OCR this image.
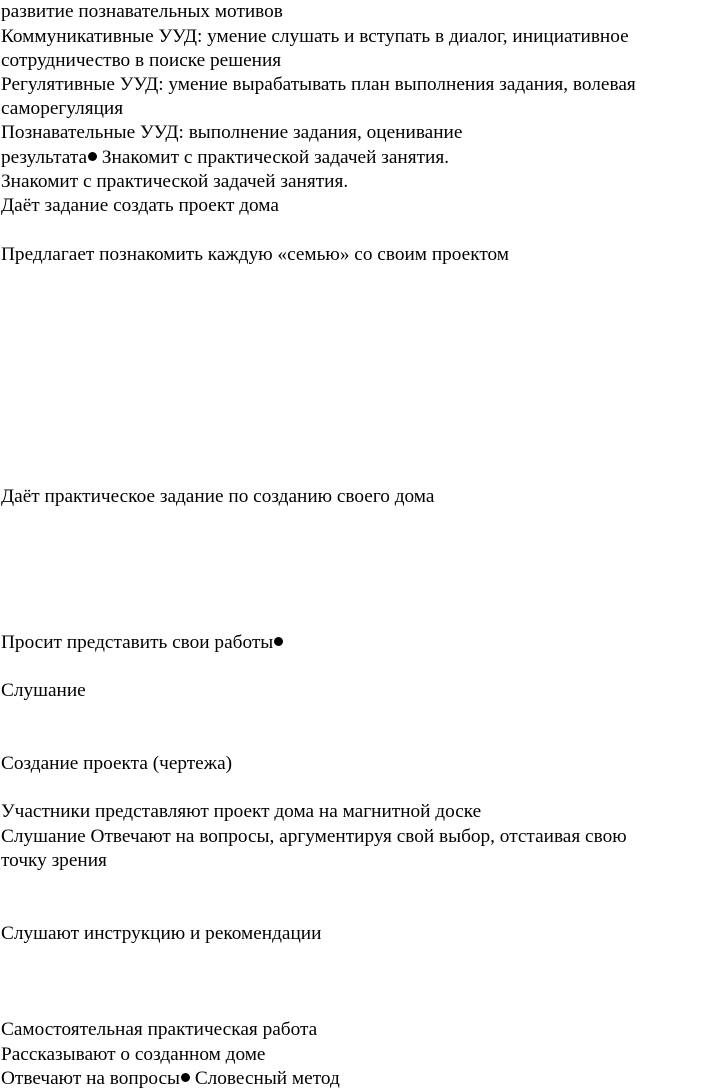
развитие познавательных мотивов
Коммуникативные УУД: умение слушать и вступать в диалог, инициативное
сотрудничество в поиске решения
Регулятивные УУД: умение вырабатывать план выполнения задания, волевая
саморегуляция
Познавательные УУД: выполнение задания, оценивание
результата Знакомит с практической задачей занятия.
Знакомит с практической задачей занятия.
Даёт задание создать проект дома
Предлагает познакомить каждую «семью» со своим проектом
Даёт практическое задание по созданию своего дома
Просит представить свои работы
Слушание
Создание проекта (чертежа)
Участники представляют проект дома на магнитной доске
Слушание Отвечают на вопросы, аргументируя свой выбор, отстаивая свою
точку зрения
Слушают инструкцию и рекомендации
Самостоятельная практическая работа
Рассказывают о созданном доме
Отвечают на вопросы Словесный метод
